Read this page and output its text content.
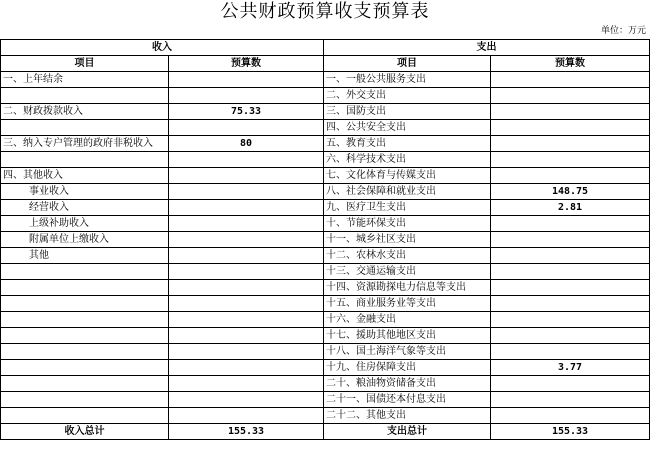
公共财政预算收支预算表
单位：万元
收入		支出	
项目	预算数	项目	预算数
一、上年结余		一、一般公共服务支出	
		二、外交支出	
二、财政拨款收入	75.33	三、国防支出	
		四、公共安全支出	
三、纳入专户管理的政府非税收入	80	五、教育支出	
		六、科学技术支出	
四、其他收入		七、文化体育与传媒支出	
事业收入		八、社会保障和就业支出	148.75
经营收入		九、医疗卫生支出	2.81
上级补助收入		十、节能环保支出	
附属单位上缴收入		十一、城乡社区支出	
其他		十二、农林水支出	
		十三、交通运输支出	
		十四、资源勘探电力信息等支出	
		十五、商业服务业等支出	
		十六、金融支出	
		十七、援助其他地区支出	
		十八、国土海洋气象等支出	
		十九、住房保障支出	3.77
		二十、粮油物资储备支出	
		二十一、国债还本付息支出	
		二十二、其他支出	
收入总计	155.33	支出总计	155.33
